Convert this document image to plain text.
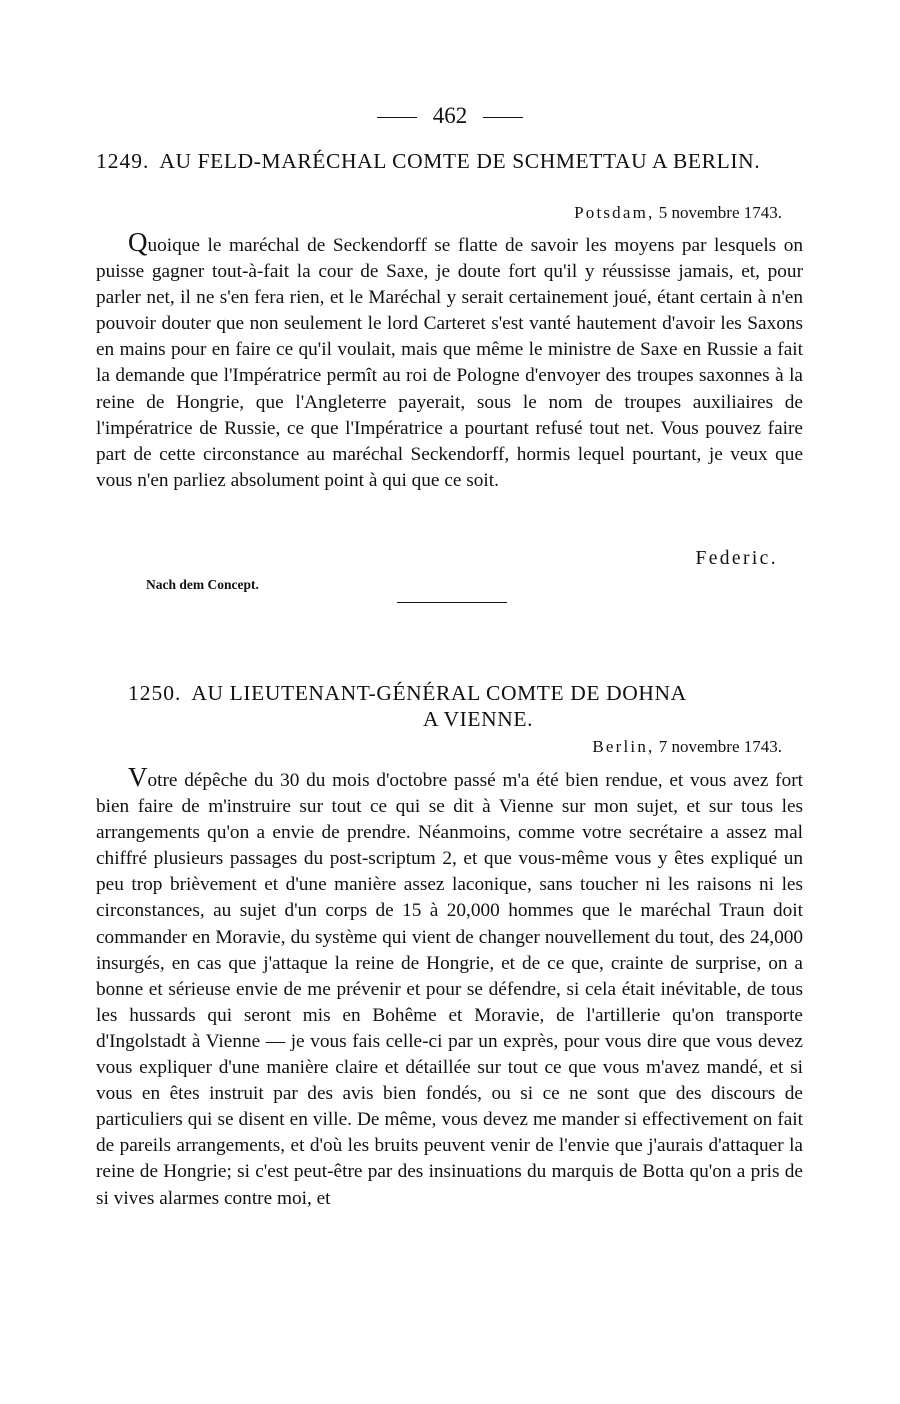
462
1249. AU FELD-MARÉCHAL COMTE DE SCHMETTAU A BERLIN.
Potsdam, 5 novembre 1743.

Quoique le maréchal de Seckendorff se flatte de savoir les moyens par lesquels on puisse gagner tout-à-fait la cour de Saxe, je doute fort qu'il y réussisse jamais, et, pour parler net, il ne s'en fera rien, et le Maréchal y serait certainement joué, étant certain à n'en pouvoir douter que non seulement le lord Carteret s'est vanté hautement d'avoir les Saxons en mains pour en faire ce qu'il voulait, mais que même le ministre de Saxe en Russie a fait la demande que l'Impératrice permît au roi de Pologne d'envoyer des troupes saxonnes à la reine de Hongrie, que l'Angleterre payerait, sous le nom de troupes auxiliaires de l'impératrice de Russie, ce que l'Impératrice a pourtant refusé tout net. Vous pouvez faire part de cette circonstance au maréchal Seckendorff, hormis lequel pourtant, je veux que vous n'en parliez absolument point à qui que ce soit.

Federic.
Nach dem Concept.
1250. AU LIEUTENANT-GÉNÉRAL COMTE DE DOHNA
A VIENNE.
Berlin, 7 novembre 1743.

Votre dépêche du 30 du mois d'octobre passé m'a été bien rendue, et vous avez fort bien faire de m'instruire sur tout ce qui se dit à Vienne sur mon sujet, et sur tous les arrangements qu'on a envie de prendre. Néanmoins, comme votre secrétaire a assez mal chiffré plusieurs passages du post-scriptum 2, et que vous-même vous y êtes expliqué un peu trop brièvement et d'une manière assez laconique, sans toucher ni les raisons ni les circonstances, au sujet d'un corps de 15 à 20,000 hommes que le maréchal Traun doit commander en Moravie, du système qui vient de changer nouvellement du tout, des 24,000 insurgés, en cas que j'attaque la reine de Hongrie, et de ce que, crainte de surprise, on a bonne et sérieuse envie de me prévenir et pour se défendre, si cela était inévitable, de tous les hussards qui seront mis en Bohême et Moravie, de l'artillerie qu'on transporte d'Ingolstadt à Vienne — je vous fais celle-ci par un exprès, pour vous dire que vous devez vous expliquer d'une manière claire et détaillée sur tout ce que vous m'avez mandé, et si vous en êtes instruit par des avis bien fondés, ou si ce ne sont que des discours de particuliers qui se disent en ville. De même, vous devez me mander si effectivement on fait de pareils arrangements, et d'où les bruits peuvent venir de l'envie que j'aurais d'attaquer la reine de Hongrie; si c'est peut-être par des insinuations du marquis de Botta qu'on a pris de si vives alarmes contre moi, et
